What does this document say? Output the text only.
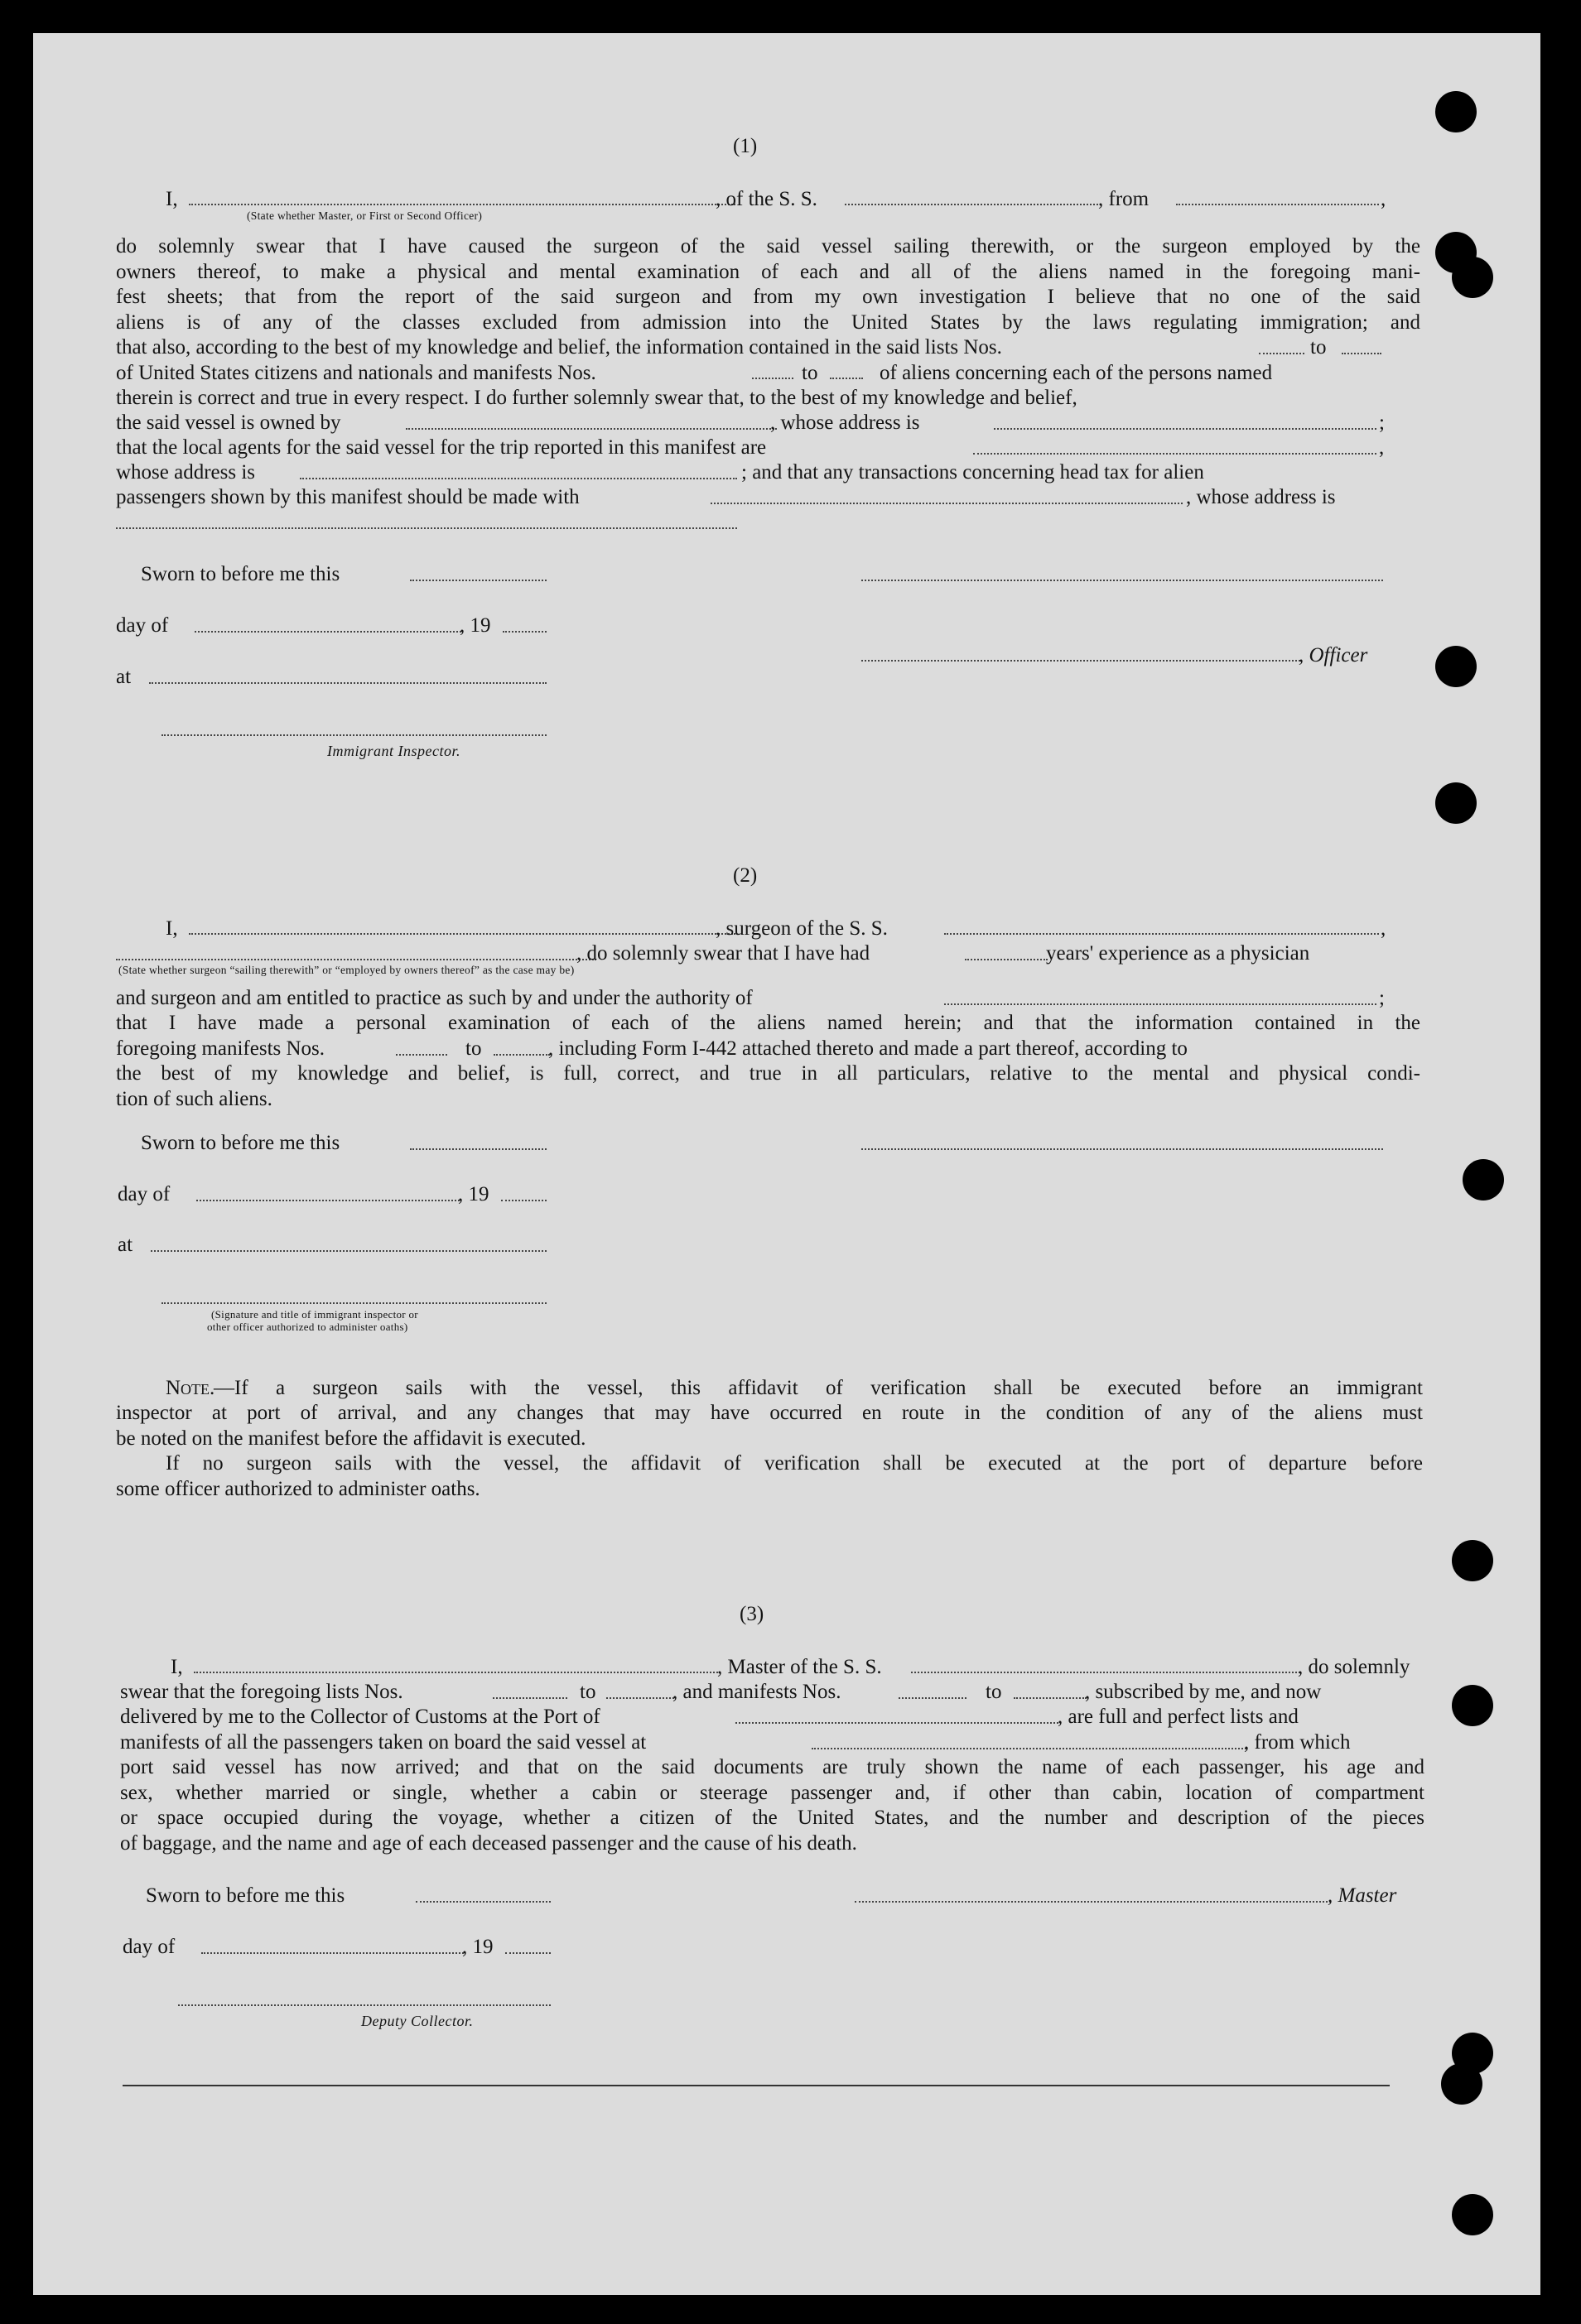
(1)
I,	, of the S. S.	, from	,
(State whether Master, or First or Second Officer)
do solemnly swear that I have caused the surgeon of the said vessel sailing therewith, or the surgeon employed by the
owners thereof, to make a physical and mental examination of each and all of the aliens named in the foregoing mani-
fest sheets; that from the report of the said surgeon and from my own investigation I believe that no one of the said
aliens is of any of the classes excluded from admission into the United States by the laws regulating immigration; and
that also, according to the best of my knowledge and belief, the information contained in the said lists Nos.	to
of United States citizens and nationals and manifests Nos.	to	of aliens concerning each of the persons named
therein is correct and true in every respect. I do further solemnly swear that, to the best of my knowledge and belief,
the said vessel is owned by	, whose address is	;
that the local agents for the said vessel for the trip reported in this manifest are	,
whose address is	; and that any transactions concerning head tax for alien
passengers shown by this manifest should be made with	, whose address is
Sworn to before me this
day of	, 19
, Officer
at
Immigrant Inspector.
(2)
I,	, surgeon of the S. S.	,
, do solemnly swear that I have had	years' experience as a physician
(State whether surgeon “sailing therewith” or “employed by owners thereof” as the case may be)
and surgeon and am entitled to practice as such by and under the authority of	;
that I have made a personal examination of each of the aliens named herein; and that the information contained in the
foregoing manifests Nos.	to	, including Form I-442 attached thereto and made a part thereof, according to
the best of my knowledge and belief, is full, correct, and true in all particulars, relative to the mental and physical condi-
tion of such aliens.
Sworn to before me this
day of	, 19
at
(Signature and title of immigrant inspector or
other officer authorized to administer oaths)
Note.
—If a surgeon sails with the vessel, this affidavit of verification shall be executed before an immigrant
inspector at port of arrival, and any changes that may have occurred en route in the condition of any of the aliens must
be noted on the manifest before the affidavit is executed.
If no surgeon sails with the vessel, the affidavit of verification shall be executed at the port of departure before
some officer authorized to administer oaths.
(3)
I,	, Master of the S. S.	, do solemnly
swear that the foregoing lists Nos.	to	, and manifests Nos.	to	, subscribed by me, and now
delivered by me to the Collector of Customs at the Port of	, are full and perfect lists and
manifests of all the passengers taken on board the said vessel at	, from which
port said vessel has now arrived; and that on the said documents are truly shown the name of each passenger, his age and
sex, whether married or single, whether a cabin or steerage passenger and, if other than cabin, location of compartment
or space occupied during the voyage, whether a citizen of the United States, and the number and description of the pieces
of baggage, and the name and age of each deceased passenger and the cause of his death.
Sworn to before me this	, Master
day of	, 19
Deputy Collector.
